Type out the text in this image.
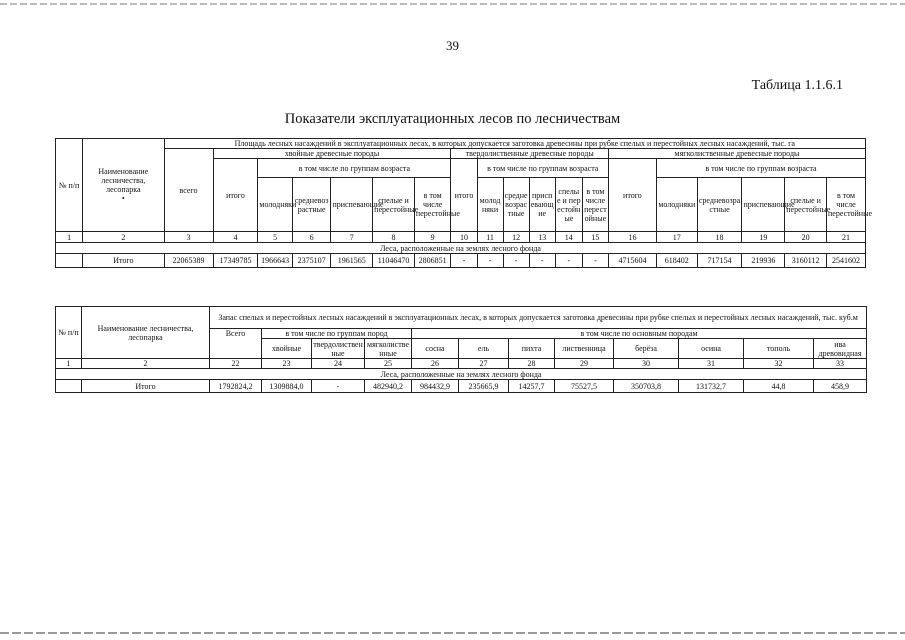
39
Таблица 1.1.6.1
Показатели эксплуатационных лесов по лесничествам
№ п/п	Наименование лесничества, лесопарка
•	Площадь лесных насаждений в эксплуатационных лесах, в которых допускается заготовка древесины при рубке спелых и перестойных лесных насаждений, тыс. га																		
		всего	хвойные древесные породы						твердолиственные древесные породы						мягколиственные древесные породы					
			итого	в том числе по группам возраста					итого	в том числе по группам возраста					итого	в том числе по группам возраста				
				молодняки	средневозрастные	приспевающие	спелые и перестойные	в том числе перестойные		молодняки	средневозрастные	приспевающие	спелые и перестойные	в том числе перестойные		молодняки	средневозрастные	приспевающие	спелые и перестойные	в том числе перестойные
1	2	3	4	5	6	7	8	9	10	11	12	13	14	15	16	17	18	19	20	21
Леса, расположенные на землях лесного фонда																				
	Итого	22065389	17349785	1966643	2375107	1961565	11046470	2806851	-	-	-	-	-	-	4715604	618402	717154	219936	3160112	2541602
№ п/п	Наименование лесничества, лесопарка	Запас спелых и перестойных лесных насаждений в эксплуатационных лесах, в которых допускается заготовка древесины при рубке спелых и перестойных лесных насаждений, тыс. куб.м											
		Всего	в том числе по группам пород			в том числе по основным породам							
			хвойные	твердолиственные	мягколиственные	сосна	ель	пихта	лиственница	берёза	осина	тополь	ива древовидная
1	2	22	23	24	25	26	27	28	29	30	31	32	33
Леса, расположенные на землях лесного фонда													
	Итого	1792824,2	1309884,0	-	482940,2	984432,9	235665,9	14257,7	75527,5	350703,8	131732,7	44,8	458,9
